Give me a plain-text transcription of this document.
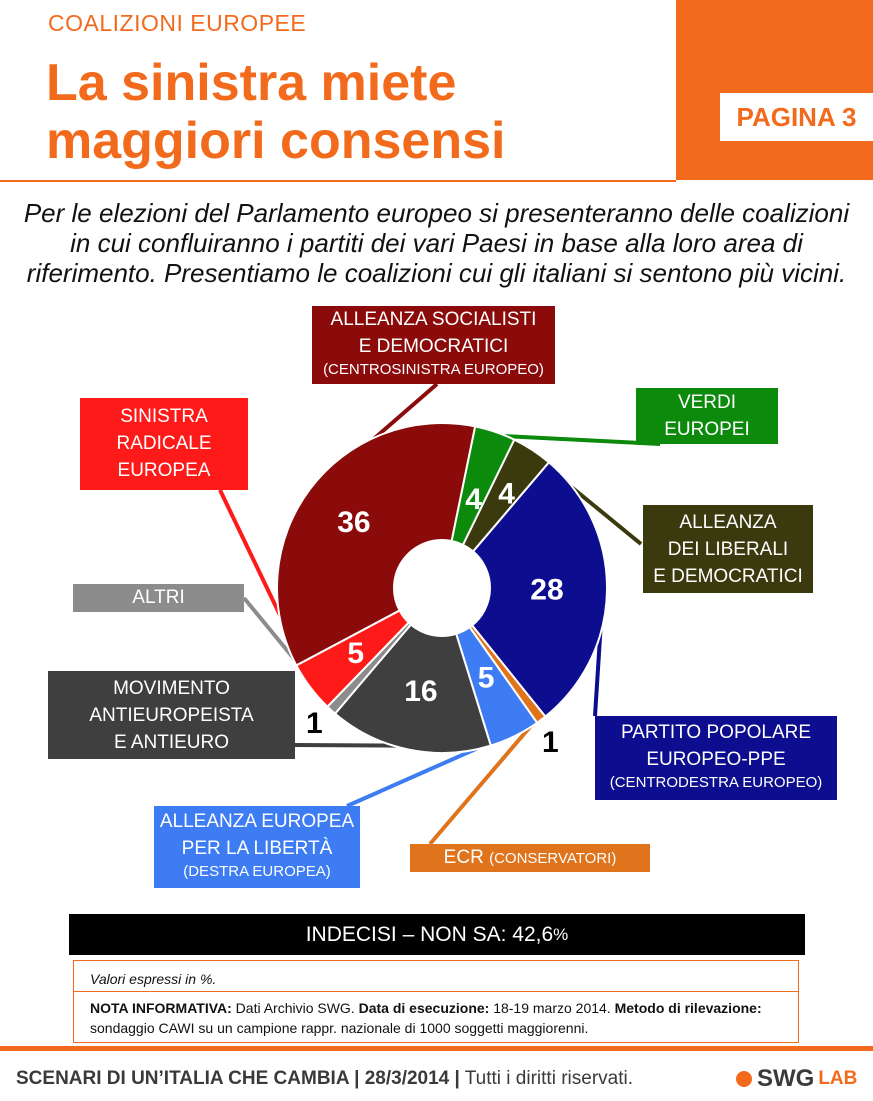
COALIZIONI EUROPEE
La sinistra miete
maggiori consensi	PAGINA 3
Per le elezioni del Parlamento europeo si presenteranno delle coalizioni
in cui confluiranno i partiti dei vari Paesi in base alla loro area di
riferimento. Presentiamo le coalizioni cui gli italiani si sentono più vicini.
36
4 4
28
1
5
16
1
5
ALLEANZA SOCIALISTI
E DEMOCRATICI
(CENTROSINISTRA EUROPEO)
VERDI
EUROPEI
ALLEANZA
DEI LIBERALI
E DEMOCRATICI
PARTITO POPOLARE
EUROPEO-PPE
(CENTRODESTRA EUROPEO)
ECR (CONSERVATORI)
ALLEANZA EUROPEA
PER LA LIBERTÀ
(DESTRA EUROPEA)
MOVIMENTO
ANTIEUROPEISTA
E ANTIEURO
ALTRI
SINISTRA
RADICALE
EUROPEA
INDECISI – NON SA: 42,6 %
Valori espressi in %.
NOTA INFORMATIVA: Dati Archivio SWG. Data di esecuzione: 18-19 marzo 2014. Metodo di rilevazione: sondaggio CAWI su un campione rappr. nazionale di 1000 soggetti maggiorenni.
SCENARI DI UN’ITALIA CHE CAMBIA | 28/3/2014 | Tutti i diritti riservati.	SWG LAB
